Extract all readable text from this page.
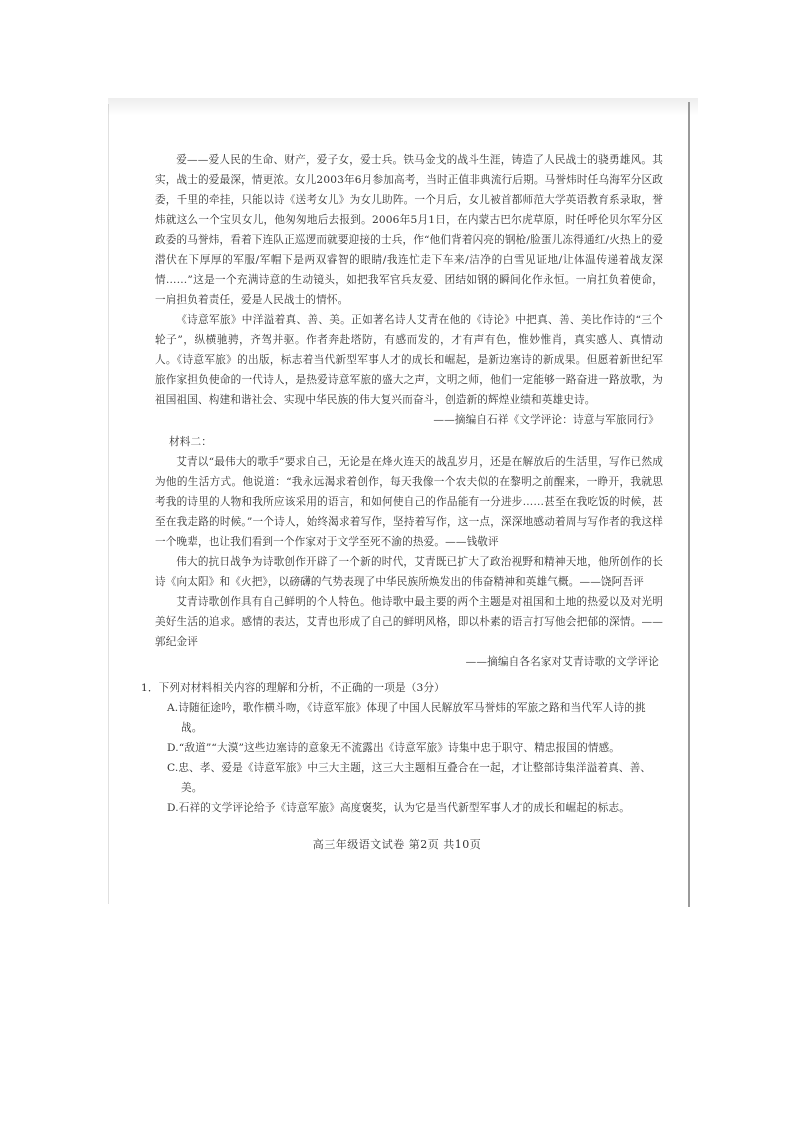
爱——爱人民的生命、财产，爱子女，爱士兵。铁马金戈的战斗生涯，铸造了人民战士的骁勇雄风。其实，战士的爱最深，情更浓。女儿2003年6月参加高考，当时正值非典流行后期。马誉炜时任乌海军分区政委，千里的牵挂，只能以诗《送考女儿》为女儿助阵。一个月后，女儿被首都师范大学英语教育系录取，誉炜就这么一个宝贝女儿，他匆匆地后去报到。2006年5月1日，在内蒙古巴尔虎草原，时任呼伦贝尔军分区政委的马誉炜，看着下连队正巡逻而就要迎接的士兵，作“他们背着闪亮的钢枪/脸蛋儿冻得通红/火热上的爱潜伏在下厚厚的军服/军帽下是两双睿智的眼睛/我连忙走下车来/洁净的白雪见证地/让体温传递着战友深情……”这是一个充满诗意的生动镜头，如把我军官兵友爱、团结如钢的瞬间化作永恒。一肩扛负着使命，一肩担负着责任，爱是人民战士的情怀。

《诗意军旅》中洋溢着真、善、美。正如著名诗人艾青在他的《诗论》中把真、善、美比作诗的“三个轮子”，纵横驰骋，齐驾并驱。作者奔赴塔防，有感而发的，才有声有色，惟妙惟肖，真实感人、真情动人。《诗意军旅》的出版，标志着当代新型军事人才的成长和崛起，是新边塞诗的新成果。但愿着新世纪军旅作家担负使命的一代诗人，是热爱诗意军旅的盛大之声，文明之师，他们一定能够一路奋进一路放歌，为祖国祖国、构建和谐社会、实现中华民族的伟大复兴而奋斗，创造新的辉煌业绩和英雄史诗。

——摘编自石祥《文学评论：诗意与军旅同行》

材料二：

艾青以“最伟大的歌手”要求自己，无论是在烽火连天的战乱岁月，还是在解放后的生活里，写作已然成为他的生活方式。他说道：“我永远渴求着创作，每天我像一个农夫似的在黎明之前醒来，一睁开，我就思考我的诗里的人物和我所应该采用的语言，和如何使自己的作品能有一分进步……甚至在我吃饭的时候，甚至在我走路的时候。”一个诗人，始终渴求着写作，坚持着写作，这一点，深深地感动着周与写作者的我这样一个晚辈，也让我们看到一个作家对于文学至死不渝的热爱。——钱敬评

伟大的抗日战争为诗歌创作开辟了一个新的时代，艾青既已扩大了政治视野和精神天地，他所创作的长诗《向太阳》和《火把》，以磅礴的气势表现了中华民族所焕发出的伟奋精神和英雄气概。——饶阿吾评

艾青诗歌创作具有自己鲜明的个人特色。他诗歌中最主要的两个主题是对祖国和土地的热爱以及对光明美好生活的追求。感情的表达，艾青也形成了自己的鲜明风格，即以朴素的语言打写他会把郁的深情。——郭纪金评

——摘编自各名家对艾青诗歌的文学评论

1．下列对材料相关内容的理解和分析，不正确的一项是（3分）

A.诗随征途吟，歌作横斗吻，《诗意军旅》体现了中国人民解放军马誉炜的军旅之路和当代军人诗的挑战。

D.“敌道”“大漠”这些边塞诗的意象无不流露出《诗意军旅》诗集中忠于职守、精忠报国的情感。

C.忠、孝、爱是《诗意军旅》中三大主题，这三大主题相互叠合在一起，才让整部诗集洋溢着真、善、美。

D.石祥的文学评论给予《诗意军旅》高度褒奖，认为它是当代新型军事人才的成长和崛起的标志。

高三年级语文试卷 第2页 共10页
